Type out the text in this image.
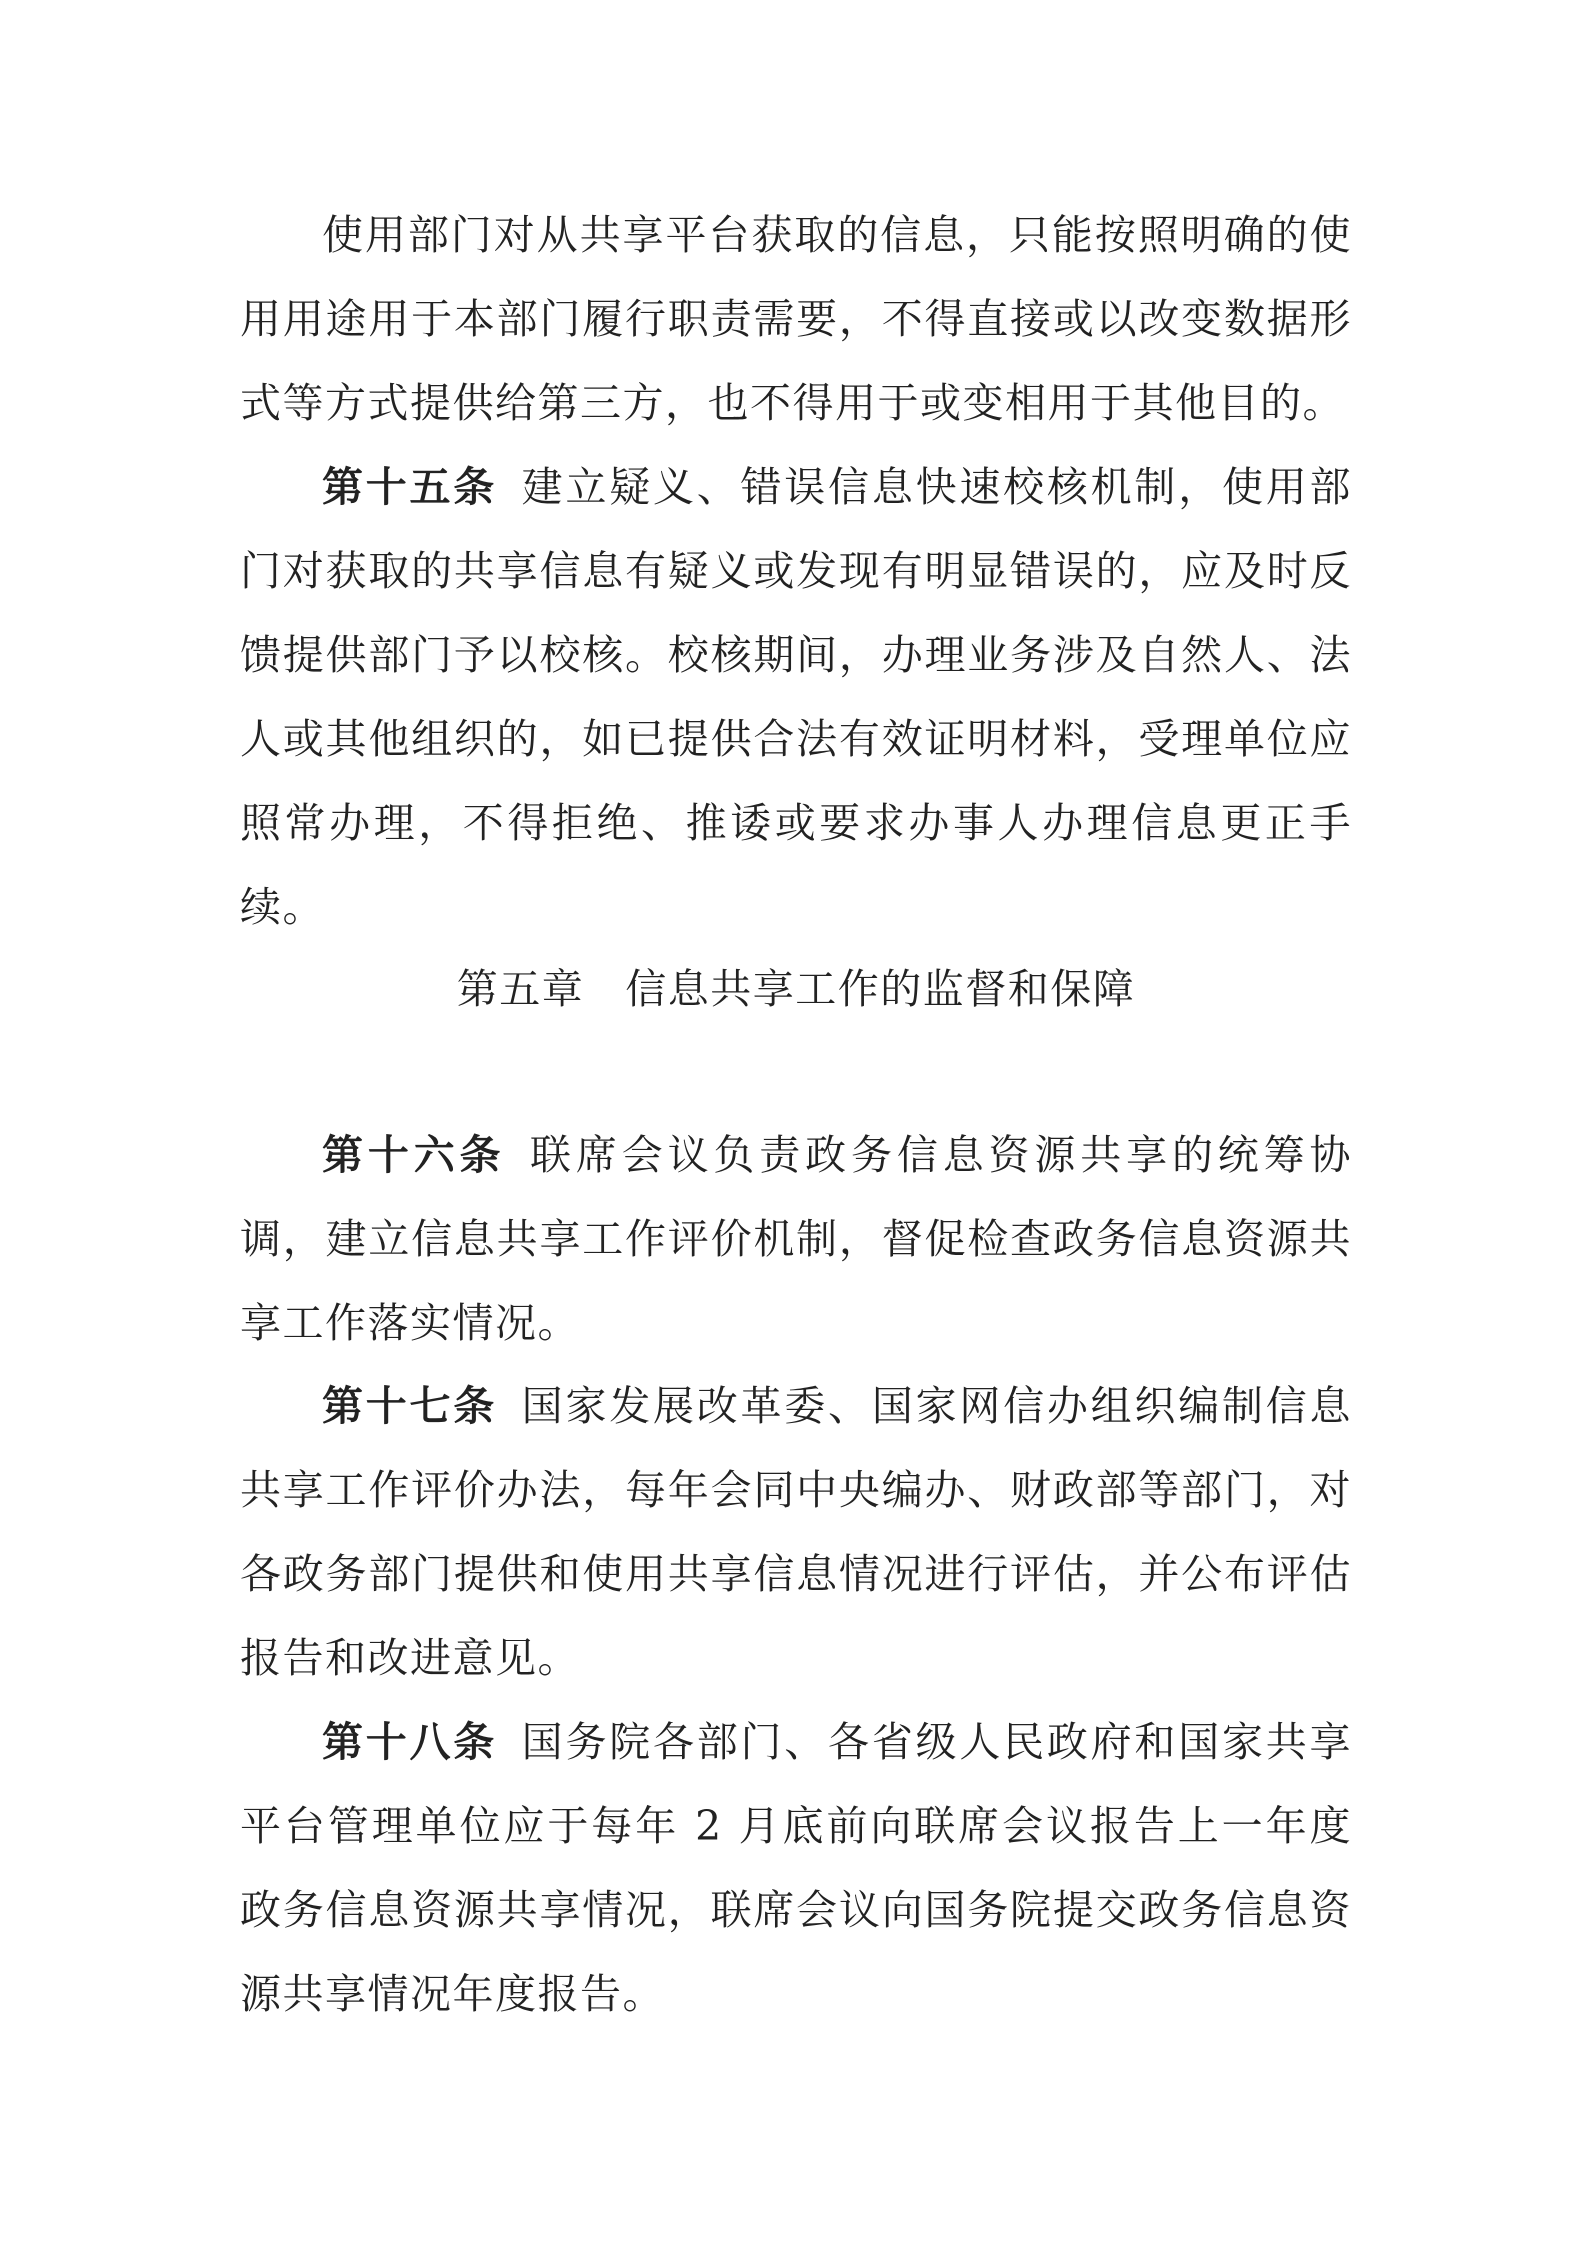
使用部门对从共享平台获取的信息，只能按照明确的使用用途用于本部门履行职责需要，不得直接或以改变数据形式等方式提供给第三方，也不得用于或变相用于其他目的。

第十五条 建立疑义、错误信息快速校核机制，使用部门对获取的共享信息有疑义或发现有明显错误的，应及时反馈提供部门予以校核。校核期间，办理业务涉及自然人、法人或其他组织的，如已提供合法有效证明材料，受理单位应照常办理，不得拒绝、推诿或要求办事人办理信息更正手续。

第五章 信息共享工作的监督和保障

第十六条 联席会议负责政务信息资源共享的统筹协调，建立信息共享工作评价机制，督促检查政务信息资源共享工作落实情况。

第十七条 国家发展改革委、国家网信办组织编制信息共享工作评价办法，每年会同中央编办、财政部等部门，对各政务部门提供和使用共享信息情况进行评估，并公布评估报告和改进意见。

第十八条 国务院各部门、各省级人民政府和国家共享平台管理单位应于每年 2 月底前向联席会议报告上一年度政务信息资源共享情况，联席会议向国务院提交政务信息资源共享情况年度报告。
